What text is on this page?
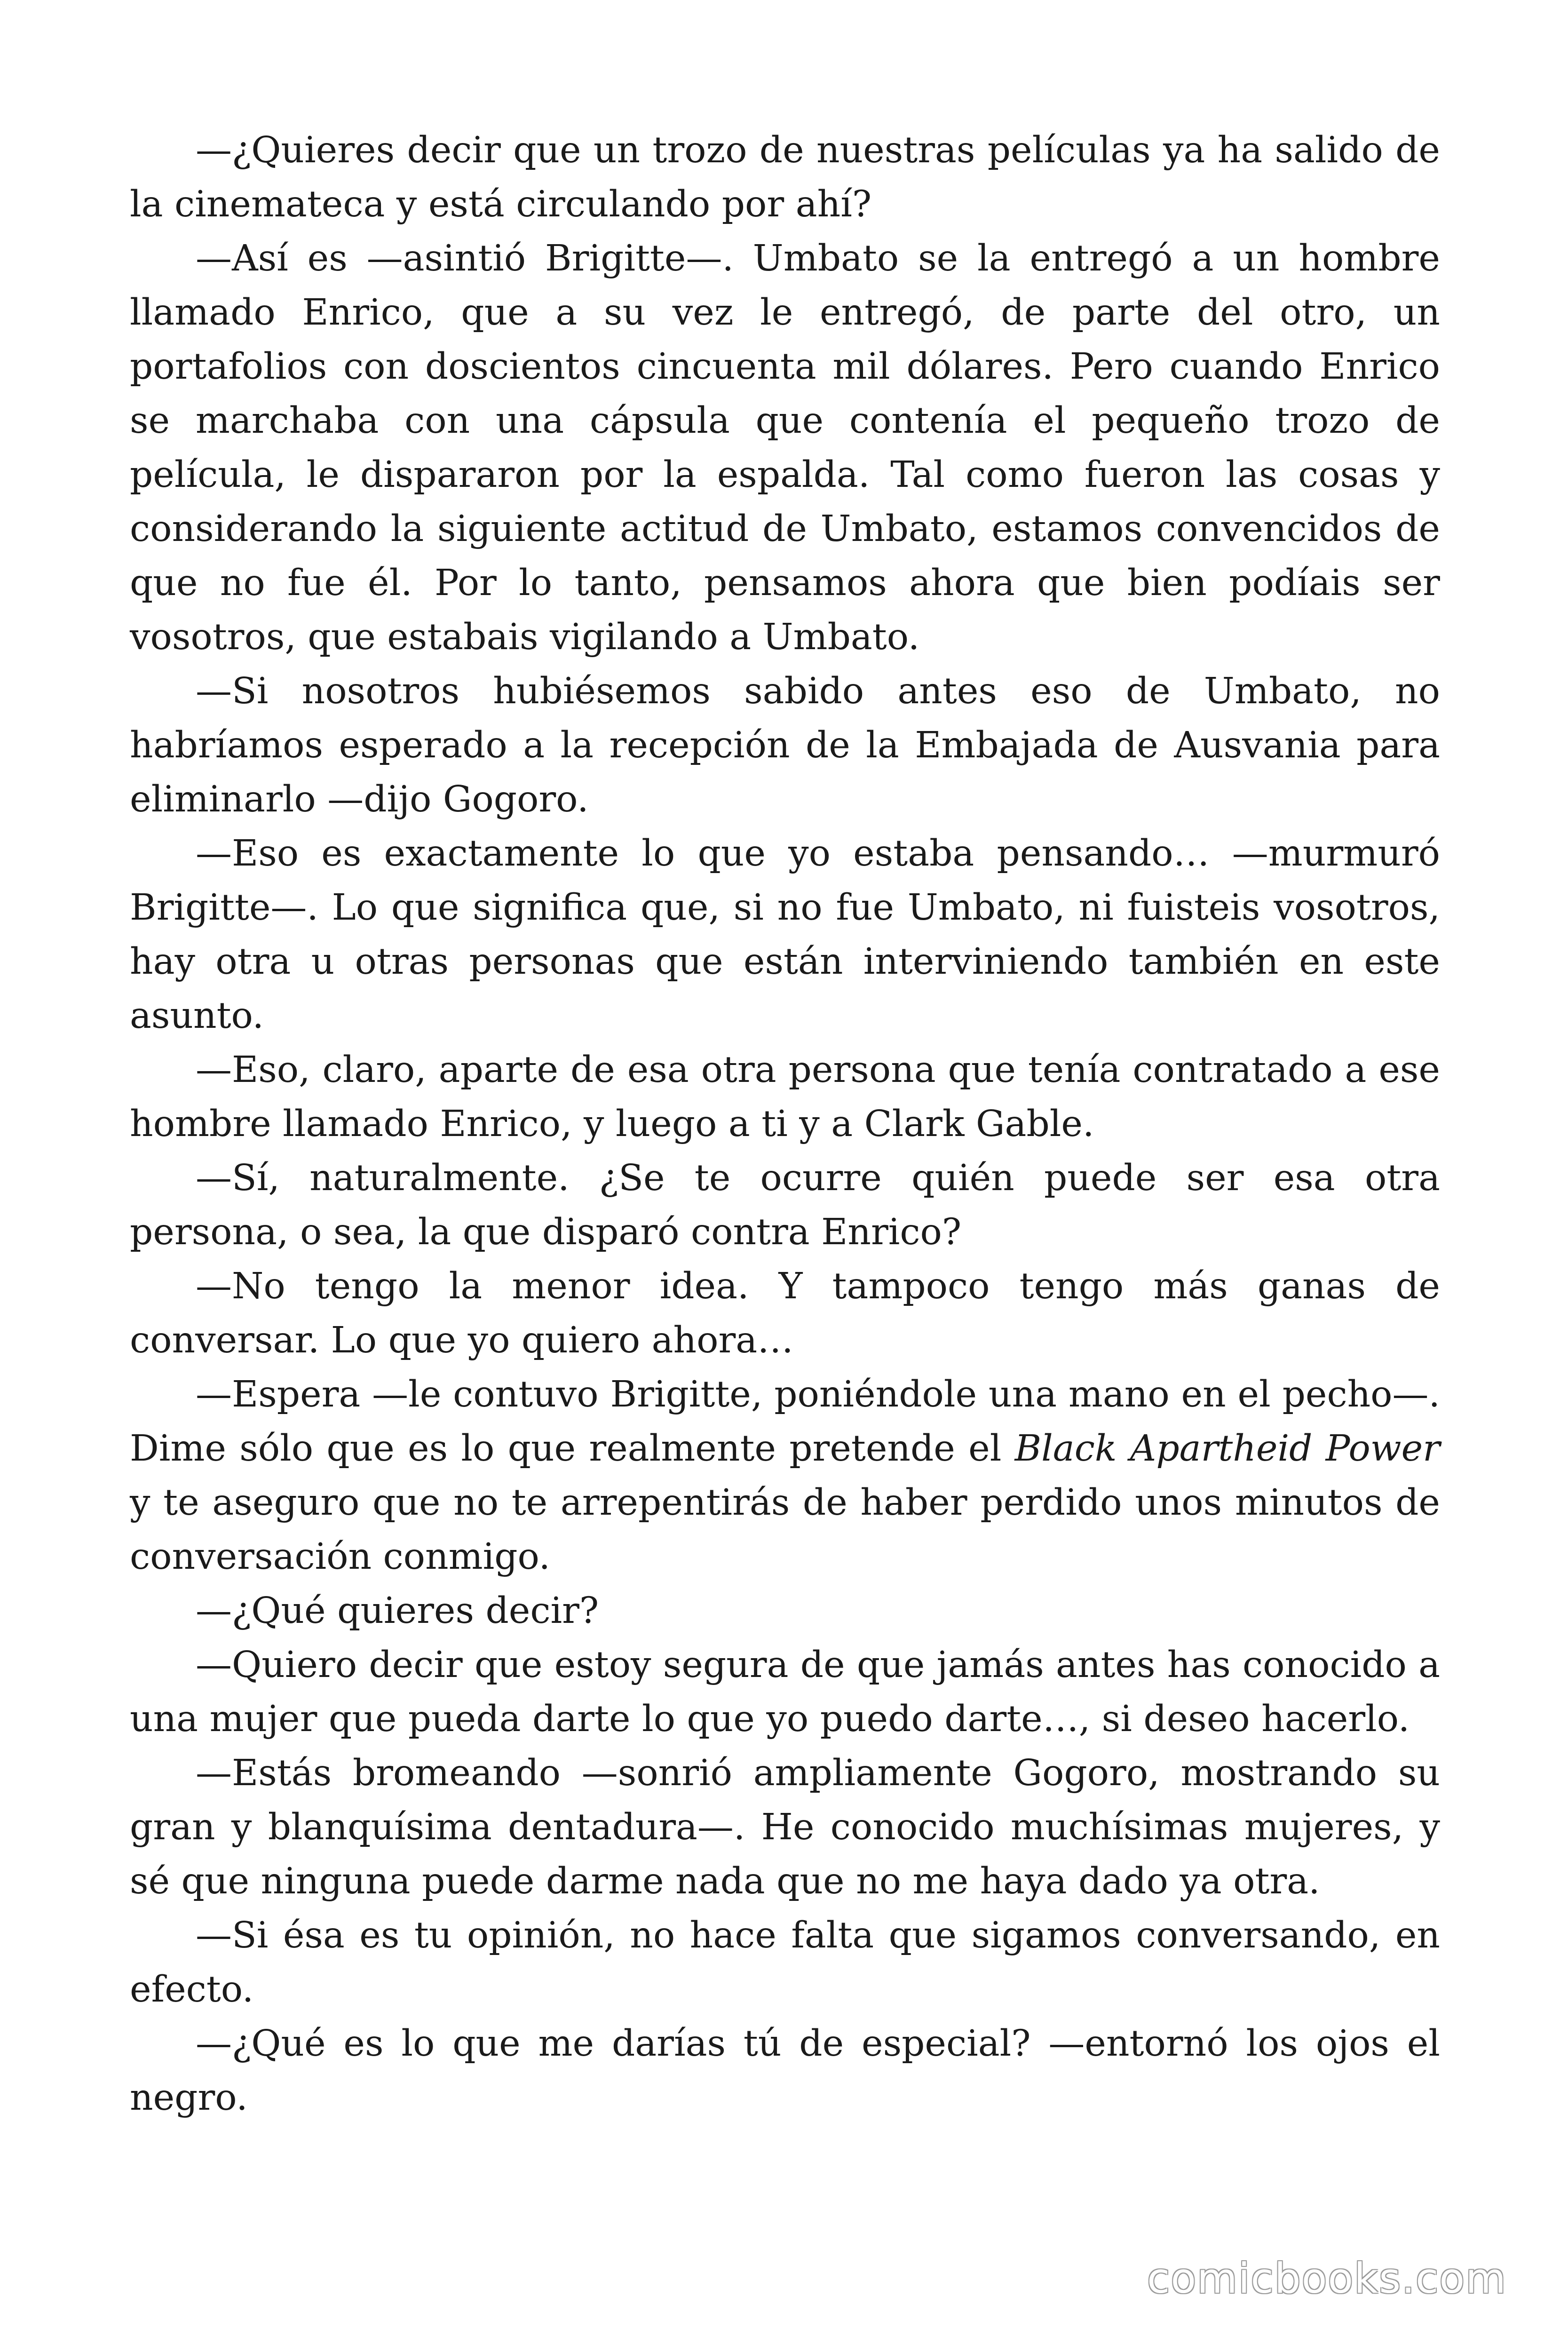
—¿Quieres decir que un trozo de nuestras películas ya ha salido de la cinemateca y está circulando por ahí?

—Así es —asintió Brigitte—. Umbato se la entregó a un hombre llamado Enrico, que a su vez le entregó, de parte del otro, un portafolios con doscientos cincuenta mil dólares. Pero cuando Enrico se marchaba con una cápsula que contenía el pequeño trozo de película, le dispararon por la espalda. Tal como fueron las cosas y considerando la siguiente actitud de Umbato, estamos convencidos de que no fue él. Por lo tanto, pensamos ahora que bien podíais ser vosotros, que estabais vigilando a Umbato.

—Si nosotros hubiésemos sabido antes eso de Umbato, no habríamos esperado a la recepción de la Embajada de Ausvania para eliminarlo —dijo Gogoro.

—Eso es exactamente lo que yo estaba pensando… —murmuró Brigitte—. Lo que significa que, si no fue Umbato, ni fuisteis vosotros, hay otra u otras personas que están interviniendo también en este asunto.

—Eso, claro, aparte de esa otra persona que tenía contratado a ese hombre llamado Enrico, y luego a ti y a Clark Gable.

—Sí, naturalmente. ¿Se te ocurre quién puede ser esa otra persona, o sea, la que disparó contra Enrico?

—No tengo la menor idea. Y tampoco tengo más ganas de conversar. Lo que yo quiero ahora…

—Espera —le contuvo Brigitte, poniéndole una mano en el pecho—. Dime sólo que es lo que realmente pretende el Black Apartheid Power y te aseguro que no te arrepentirás de haber perdido unos minutos de conversación conmigo.

—¿Qué quieres decir?

—Quiero decir que estoy segura de que jamás antes has conocido a una mujer que pueda darte lo que yo puedo darte…, si deseo hacerlo.

—Estás bromeando —sonrió ampliamente Gogoro, mostrando su gran y blanquísima dentadura—. He conocido muchísimas mujeres, y sé que ninguna puede darme nada que no me haya dado ya otra.

—Si ésa es tu opinión, no hace falta que sigamos conversando, en efecto.

—¿Qué es lo que me darías tú de especial? —entornó los ojos el negro.

comicbooks.com
